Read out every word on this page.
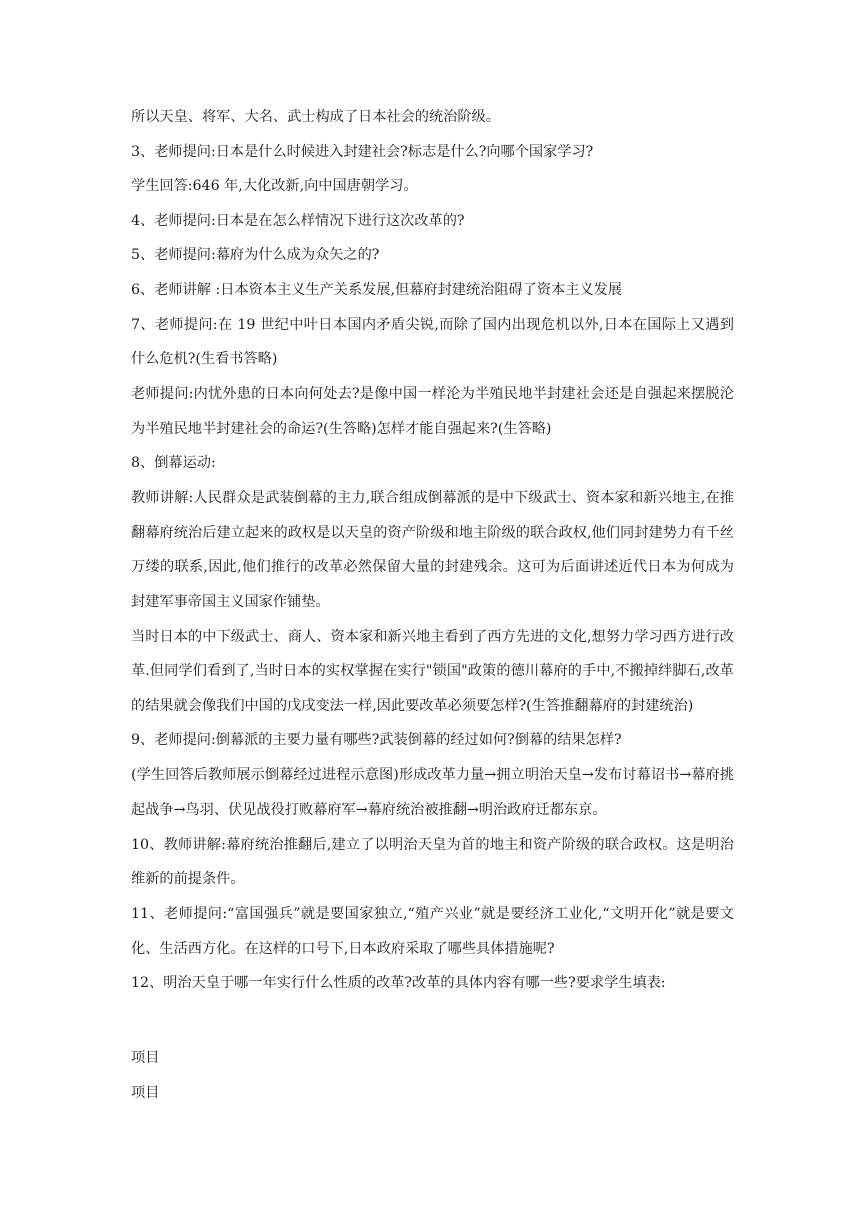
所以天皇、将军、大名、武士构成了日本社会的统治阶级。
3、老师提问:日本是什么时候进入封建社会?标志是什么?向哪个国家学习?
学生回答:646 年,大化改新,向中国唐朝学习。
4、老师提问:日本是在怎么样情况下进行这次改革的?
5、老师提问:幕府为什么成为众矢之的?
6、老师讲解 :日本资本主义生产关系发展,但幕府封建统治阻碍了资本主义发展
7、老师提问:在 19 世纪中叶日本国内矛盾尖锐,而除了国内出现危机以外,日本在国际上又遇到什么危机?(生看书答略)
老师提问:内忧外患的日本向何处去?是像中国一样沦为半殖民地半封建社会还是自强起来摆脱沦为半殖民地半封建社会的命运?(生答略)怎样才能自强起来?(生答略)
8、倒幕运动:
教师讲解:人民群众是武装倒幕的主力,联合组成倒幕派的是中下级武士、资本家和新兴地主,在推翻幕府统治后建立起来的政权是以天皇的资产阶级和地主阶级的联合政权,他们同封建势力有千丝万缕的联系,因此,他们推行的改革必然保留大量的封建残余。这可为后面讲述近代日本为何成为封建军事帝国主义国家作铺垫。
当时日本的中下级武士、商人、资本家和新兴地主看到了西方先进的文化,想努力学习西方进行改革.但同学们看到了,当时日本的实权掌握在实行"锁国"政策的德川幕府的手中,不搬掉绊脚石,改革的结果就会像我们中国的戊戌变法一样,因此要改革必须要怎样?(生答推翻幕府的封建统治)
9、老师提问:倒幕派的主要力量有哪些?武装倒幕的经过如何?倒幕的结果怎样?
(学生回答后教师展示倒幕经过进程示意图)形成改革力量→拥立明治天皇→发布讨幕诏书→幕府挑起战争→鸟羽、伏见战役打败幕府军→幕府统治被推翻→明治政府迁都东京。
10、教师讲解:幕府统治推翻后,建立了以明治天皇为首的地主和资产阶级的联合政权。这是明治维新的前提条件。
11、老师提问:“富国强兵”就是要国家独立,“殖产兴业”就是要经济工业化,“文明开化”就是要文化、生活西方化。在这样的口号下,日本政府采取了哪些具体措施呢?
12、明治天皇于哪一年实行什么性质的改革?改革的具体内容有哪一些?要求学生填表:
项目
项目
